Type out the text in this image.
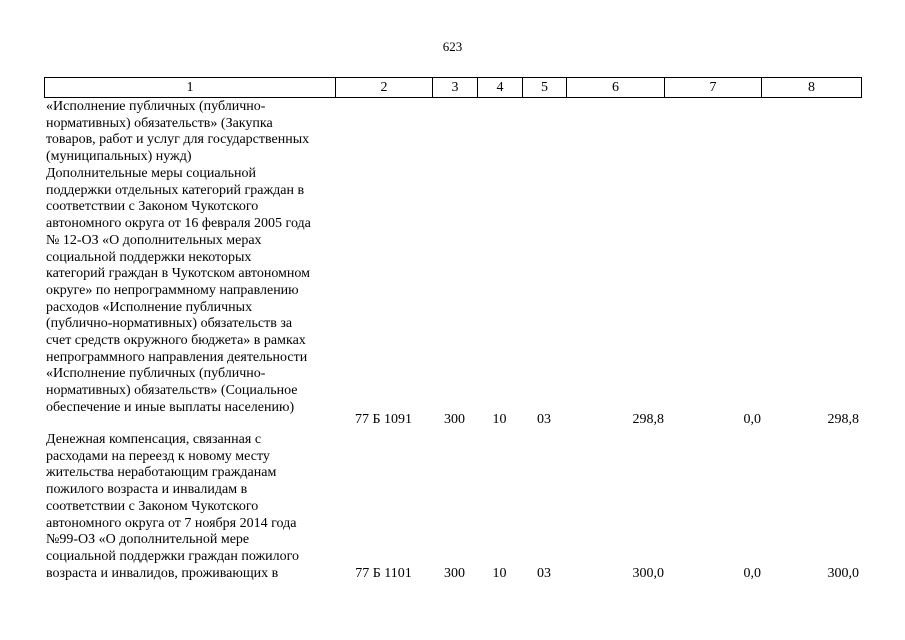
623
1	2	3	4	5	6	7	8
«Исполнение публичных (публично-
нормативных) обязательств» (Закупка
товаров, работ и услуг для государственных
(муниципальных) нужд)
Дополнительные меры социальной
поддержки отдельных категорий граждан в
соответствии с Законом Чукотского
автономного округа от 16 февраля 2005 года
№ 12-ОЗ «О дополнительных мерах
социальной поддержки некоторых
категорий граждан в Чукотском автономном
округе» по непрограммному направлению
расходов «Исполнение публичных
(публично-нормативных) обязательств за
счет средств окружного бюджета» в рамках
непрограммного направления деятельности
«Исполнение публичных (публично-
нормативных) обязательств» (Социальное
обеспечение и иные выплаты населению)
77 Б 1091	300	10	03	298,8	0,0	298,8
Денежная компенсация, связанная с
расходами на переезд к новому месту
жительства неработающим гражданам
пожилого возраста и инвалидам в
соответствии с Законом Чукотского
автономного округа от 7 ноября 2014 года
№99-ОЗ «О дополнительной мере
социальной поддержки граждан пожилого
возраста и инвалидов, проживающих в	77 Б 1101	300	10	03	300,0	0,0	300,0
